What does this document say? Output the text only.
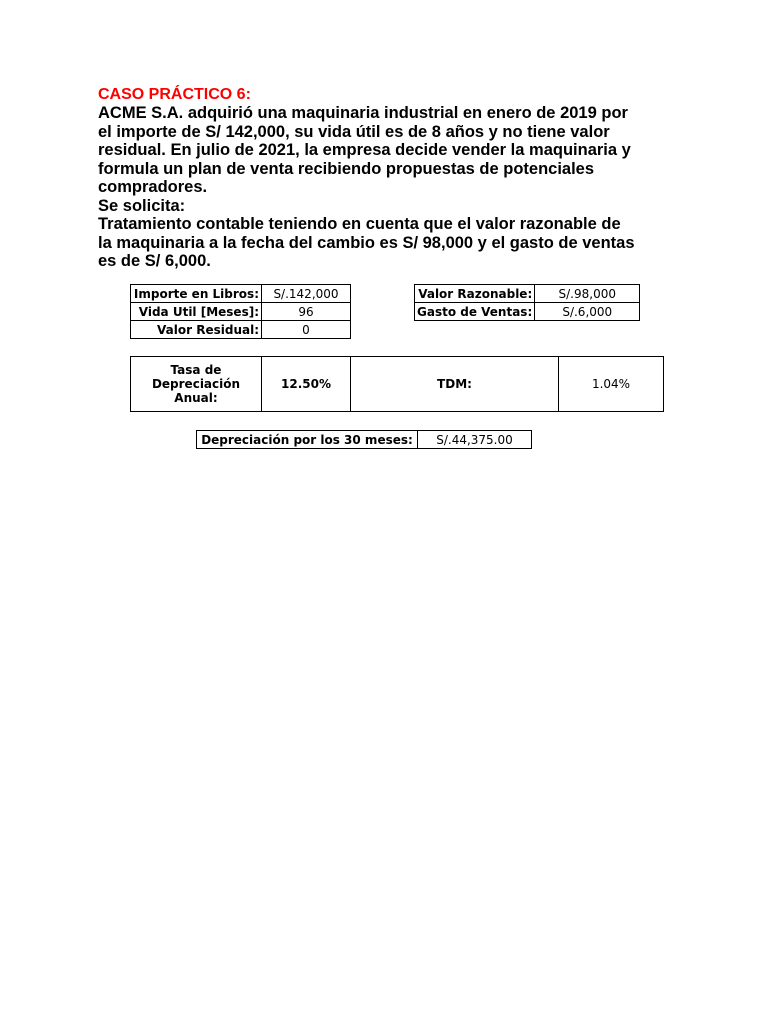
CASO PRÁCTICO 6:

ACME S.A. adquirió una maquinaria industrial en enero de 2019 por el importe de S/ 142,000, su vida útil es de 8 años y no tiene valor residual. En julio de 2021, la empresa decide vender la maquinaria y formula un plan de venta recibiendo propuestas de potenciales compradores.

Se solicita:

Tratamiento contable teniendo en cuenta que el valor razonable de la maquinaria a la fecha del cambio es S/ 98,000 y el gasto de ventas es de S/ 6,000.

Importe en Libros:	S/.142,000
Vida Util [Meses]:	96
Valor Residual:	0
Valor Razonable:	S/.98,000
Gasto de Ventas:	S/.6,000
Tasa de Depreciación Anual:	12.50%	TDM:	1.04%
Depreciación por los 30 meses:	S/.44,375.00
